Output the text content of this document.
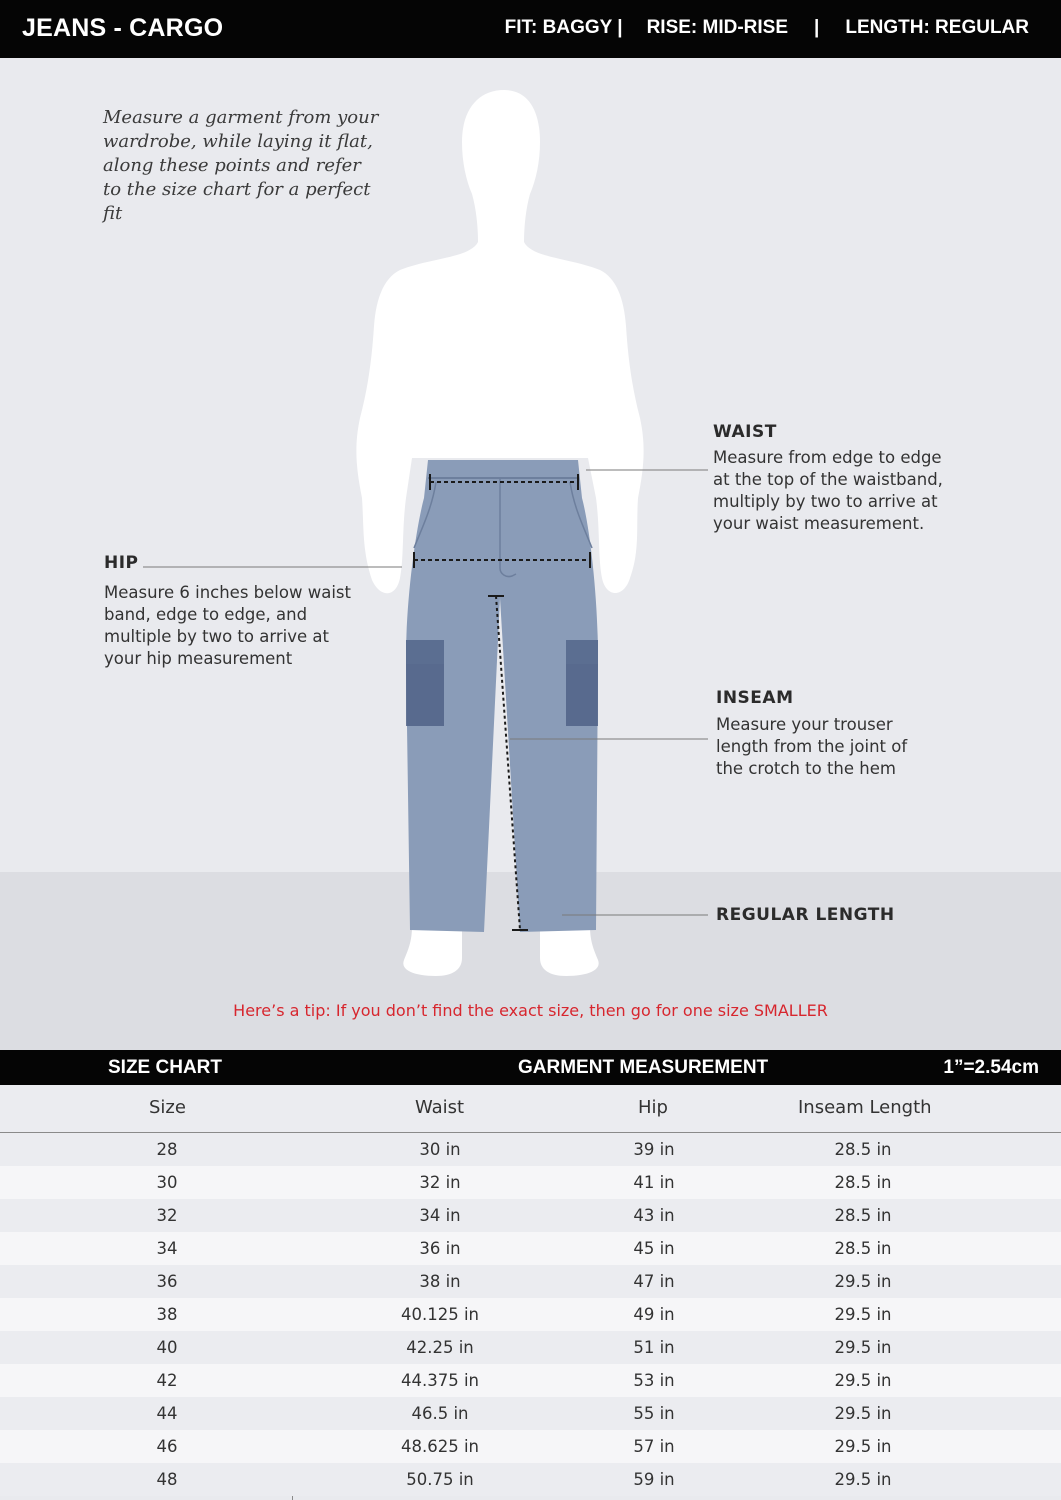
JEANS - CARGO	FIT: BAGGY | RISE: MID-RISE | LENGTH: REGULAR
Measure a garment from your wardrobe, while laying it flat, along these points and refer to the size chart for a perfect fit
WAIST
Measure from edge to edge at the top of the waistband, multiply by two to arrive at your waist measurement.
HIP
Measure 6 inches below waist band, edge to edge, and multiple by two to arrive at your hip measurement
INSEAM
Measure your trouser length from the joint of the crotch to the hem
REGULAR LENGTH
Here’s a tip: If you don’t find the exact size, then go for one size SMALLER
SIZE CHART	GARMENT MEASUREMENT	1”=2.54cm
Size	Waist	Hip	Inseam Length
28	30 in	39 in	28.5 in
30	32 in	41 in	28.5 in
32	34 in	43 in	28.5 in
34	36 in	45 in	28.5 in
36	38 in	47 in	29.5 in
38	40.125 in	49 in	29.5 in
40	42.25 in	51 in	29.5 in
42	44.375 in	53 in	29.5 in
44	46.5 in	55 in	29.5 in
46	48.625 in	57 in	29.5 in
48	50.75 in	59 in	29.5 in
